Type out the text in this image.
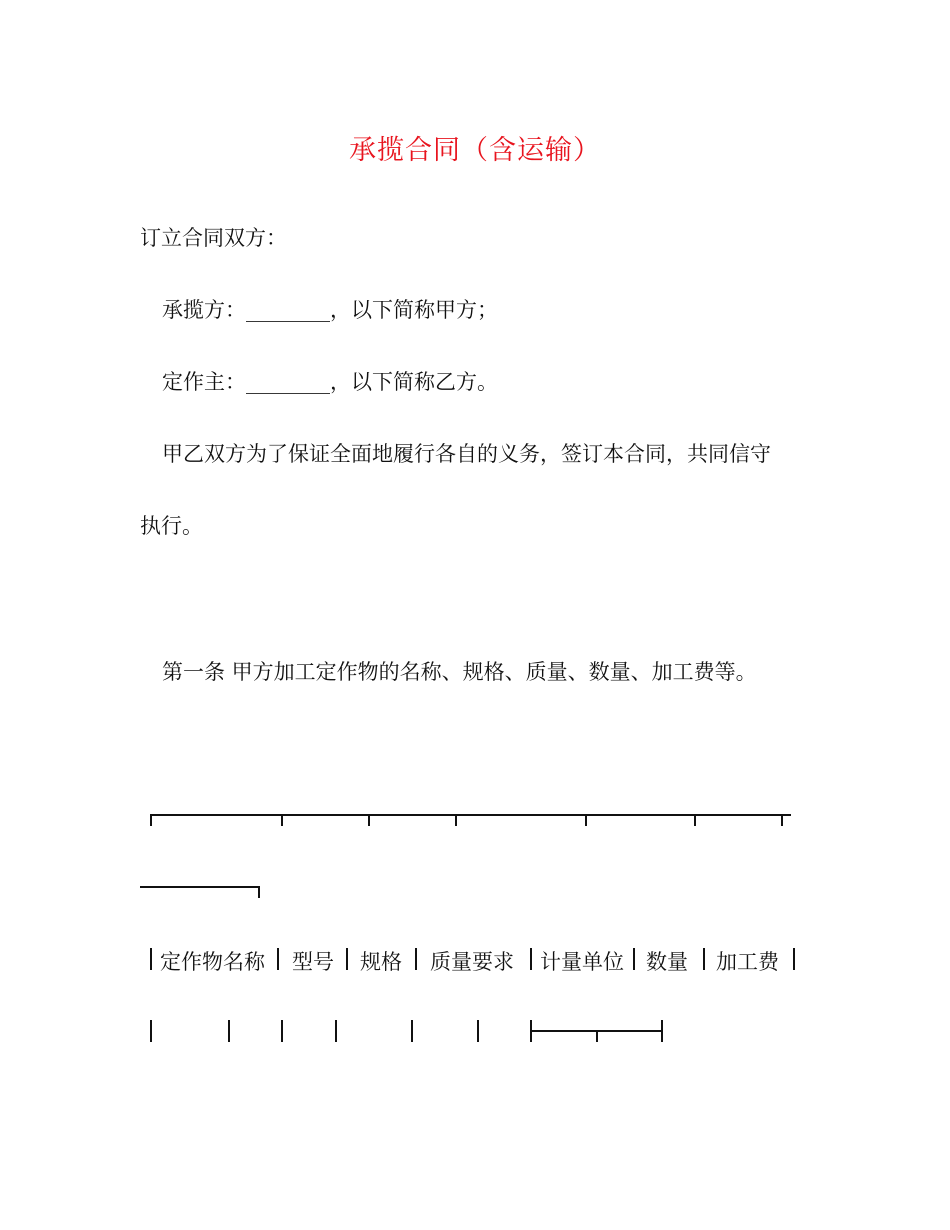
承揽合同（含运输）
订立合同双方：
承揽方：________，以下简称甲方；
定作主：________，以下简称乙方。
甲乙双方为了保证全面地履行各自的义务，签订本合同，共同信守
执行。
第一条 甲方加工定作物的名称、规格、质量、数量、加工费等。
定作物名称 型号 规格 质量要求 计量单位 数量 加工费
